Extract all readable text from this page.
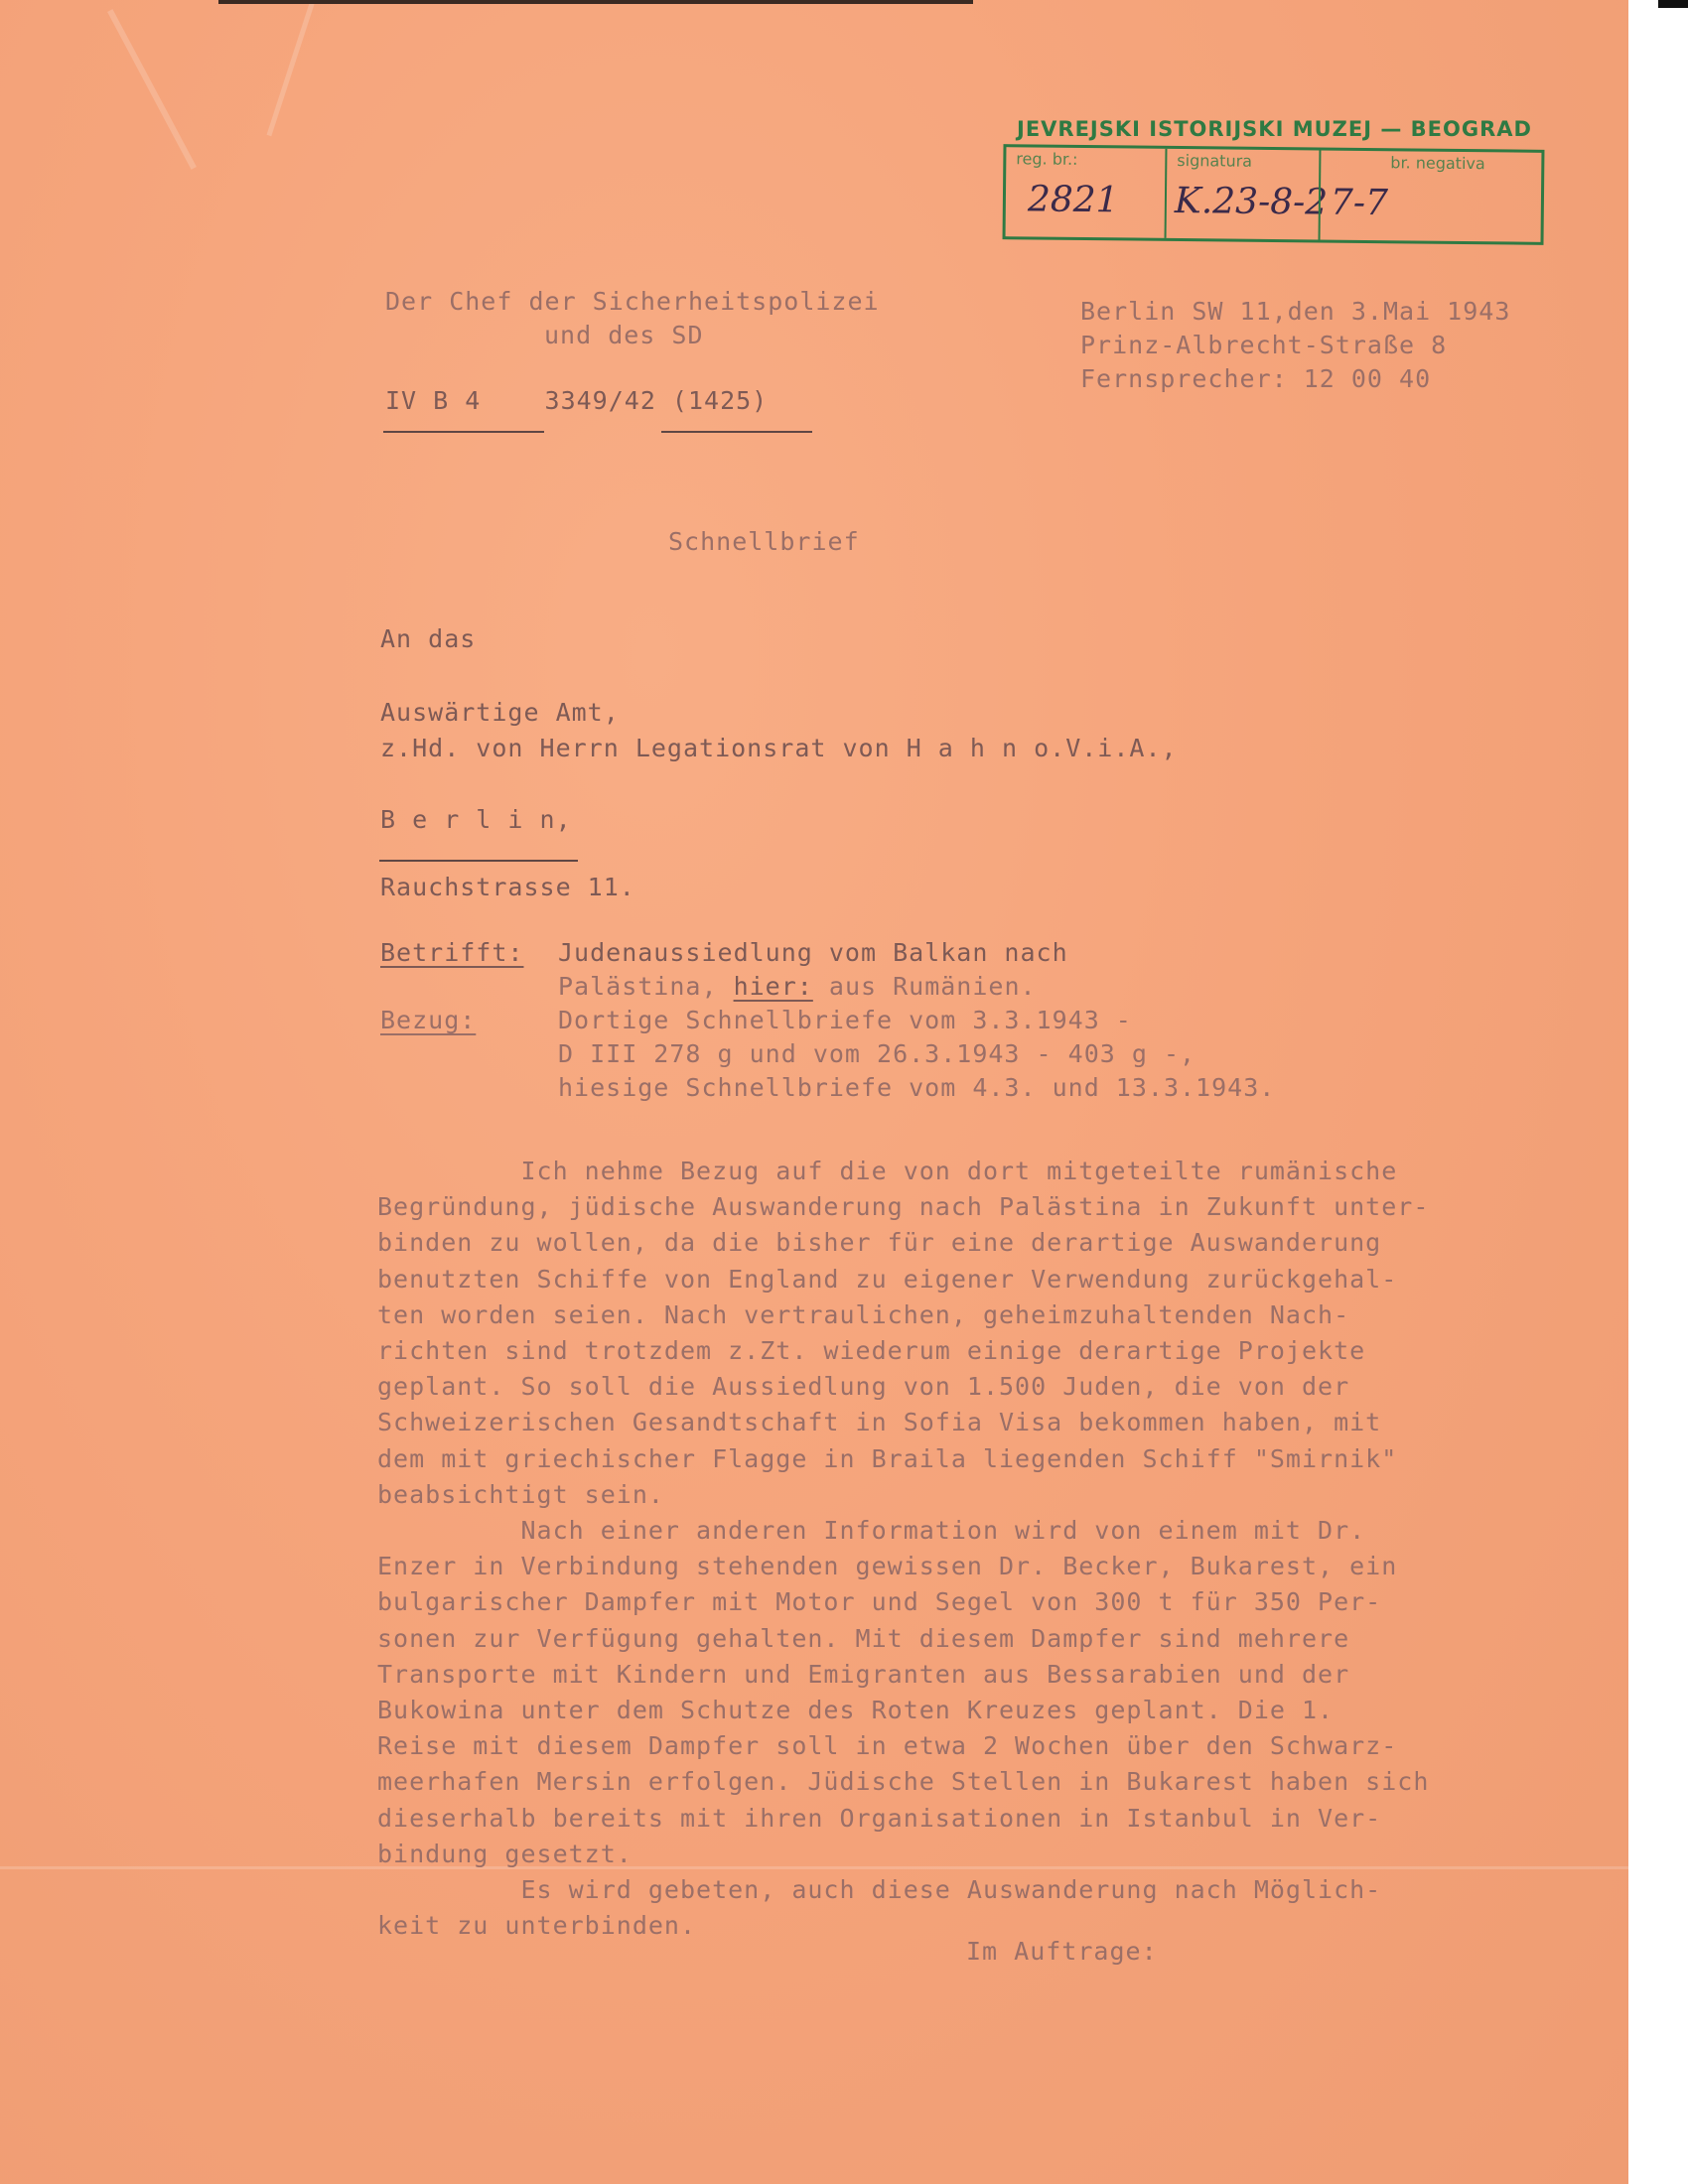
JEVREJSKI ISTORIJSKI MUZEJ — BEOGRAD
reg. br.:
2821
signatura
K.23-8-2
br. negativa
7-7

Der Chef der Sicherheitspolizei

und des SD

IV B 4    3349/42 (1425)

Berlin SW 11,den 3.Mai 1943

Prinz-Albrecht-Straße 8

Fernsprecher: 12 00 40

Schnellbrief

An das

Auswärtige Amt,

z.Hd. von Herrn Legationsrat von H a h n o.V.i.A.,

B e r l i n,

Rauchstrasse 11.

Betrifft: Judenaussiedlung vom Balkan nach

Palästina, hier: aus Rumänien.

Bezug:	Dortige Schnellbriefe vom 3.3.1943 -

D III 278 g und vom 26.3.1943 - 403 g -,

hiesige Schnellbriefe vom 4.3. und 13.3.1943.

Ich nehme Bezug auf die von dort mitgeteilte rumänische

Begründung, jüdische Auswanderung nach Palästina in Zukunft unter-

binden zu wollen, da die bisher für eine derartige Auswanderung

benutzten Schiffe von England zu eigener Verwendung zurückgehal-

ten worden seien. Nach vertraulichen, geheimzuhaltenden Nach-

richten sind trotzdem z.Zt. wiederum einige derartige Projekte

geplant. So soll die Aussiedlung von 1.500 Juden, die von der

Schweizerischen Gesandtschaft in Sofia Visa bekommen haben, mit

dem mit griechischer Flagge in Braila liegenden Schiff "Smirnik"

beabsichtigt sein.

Nach einer anderen Information wird von einem mit Dr.

Enzer in Verbindung stehenden gewissen Dr. Becker, Bukarest, ein

bulgarischer Dampfer mit Motor und Segel von 300 t für 350 Per-

sonen zur Verfügung gehalten. Mit diesem Dampfer sind mehrere

Transporte mit Kindern und Emigranten aus Bessarabien und der

Bukowina unter dem Schutze des Roten Kreuzes geplant. Die 1.

Reise mit diesem Dampfer soll in etwa 2 Wochen über den Schwarz-

meerhafen Mersin erfolgen. Jüdische Stellen in Bukarest haben sich

dieserhalb bereits mit ihren Organisationen in Istanbul in Ver-

bindung gesetzt.

Es wird gebeten, auch diese Auswanderung nach Möglich-

keit zu unterbinden.

Im Auftrage:
